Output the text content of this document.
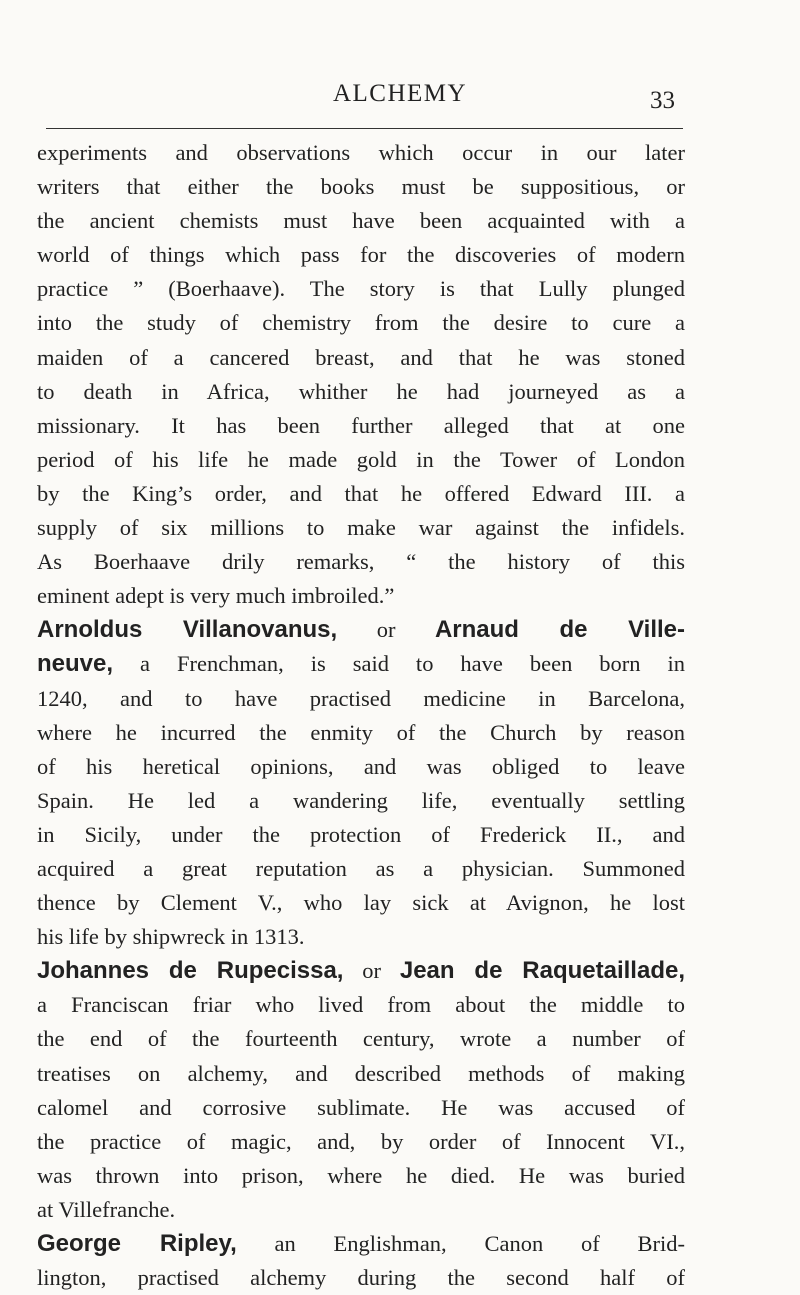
ALCHEMY	33
experiments and observations which occur in our later
writers that either the books must be suppositious, or
the ancient chemists must have been acquainted with a
world of things which pass for the discoveries of modern
practice ” (Boerhaave). The story is that Lully plunged
into the study of chemistry from the desire to cure a
maiden of a cancered breast, and that he was stoned
to death in Africa, whither he had journeyed as a
missionary. It has been further alleged that at one
period of his life he made gold in the Tower of London
by the King’s order, and that he offered Edward III. a
supply of six millions to make war against the infidels.
As Boerhaave drily remarks, “ the history of this
eminent adept is very much imbroiled.”
Arnoldus Villanovanus, or Arnaud de Ville-
neuve, a Frenchman, is said to have been born in
1240, and to have practised medicine in Barcelona,
where he incurred the enmity of the Church by reason
of his heretical opinions, and was obliged to leave
Spain. He led a wandering life, eventually settling
in Sicily, under the protection of Frederick II., and
acquired a great reputation as a physician. Summoned
thence by Clement V., who lay sick at Avignon, he lost
his life by shipwreck in 1313.
Johannes de Rupecissa, or Jean de Raquetaillade,
a Franciscan friar who lived from about the middle to
the end of the fourteenth century, wrote a number of
treatises on alchemy, and described methods of making
calomel and corrosive sublimate. He was accused of
the practice of magic, and, by order of Innocent VI.,
was thrown into prison, where he died. He was buried
at Villefranche.
George Ripley, an Englishman, Canon of Brid-
lington, practised alchemy during the second half of
